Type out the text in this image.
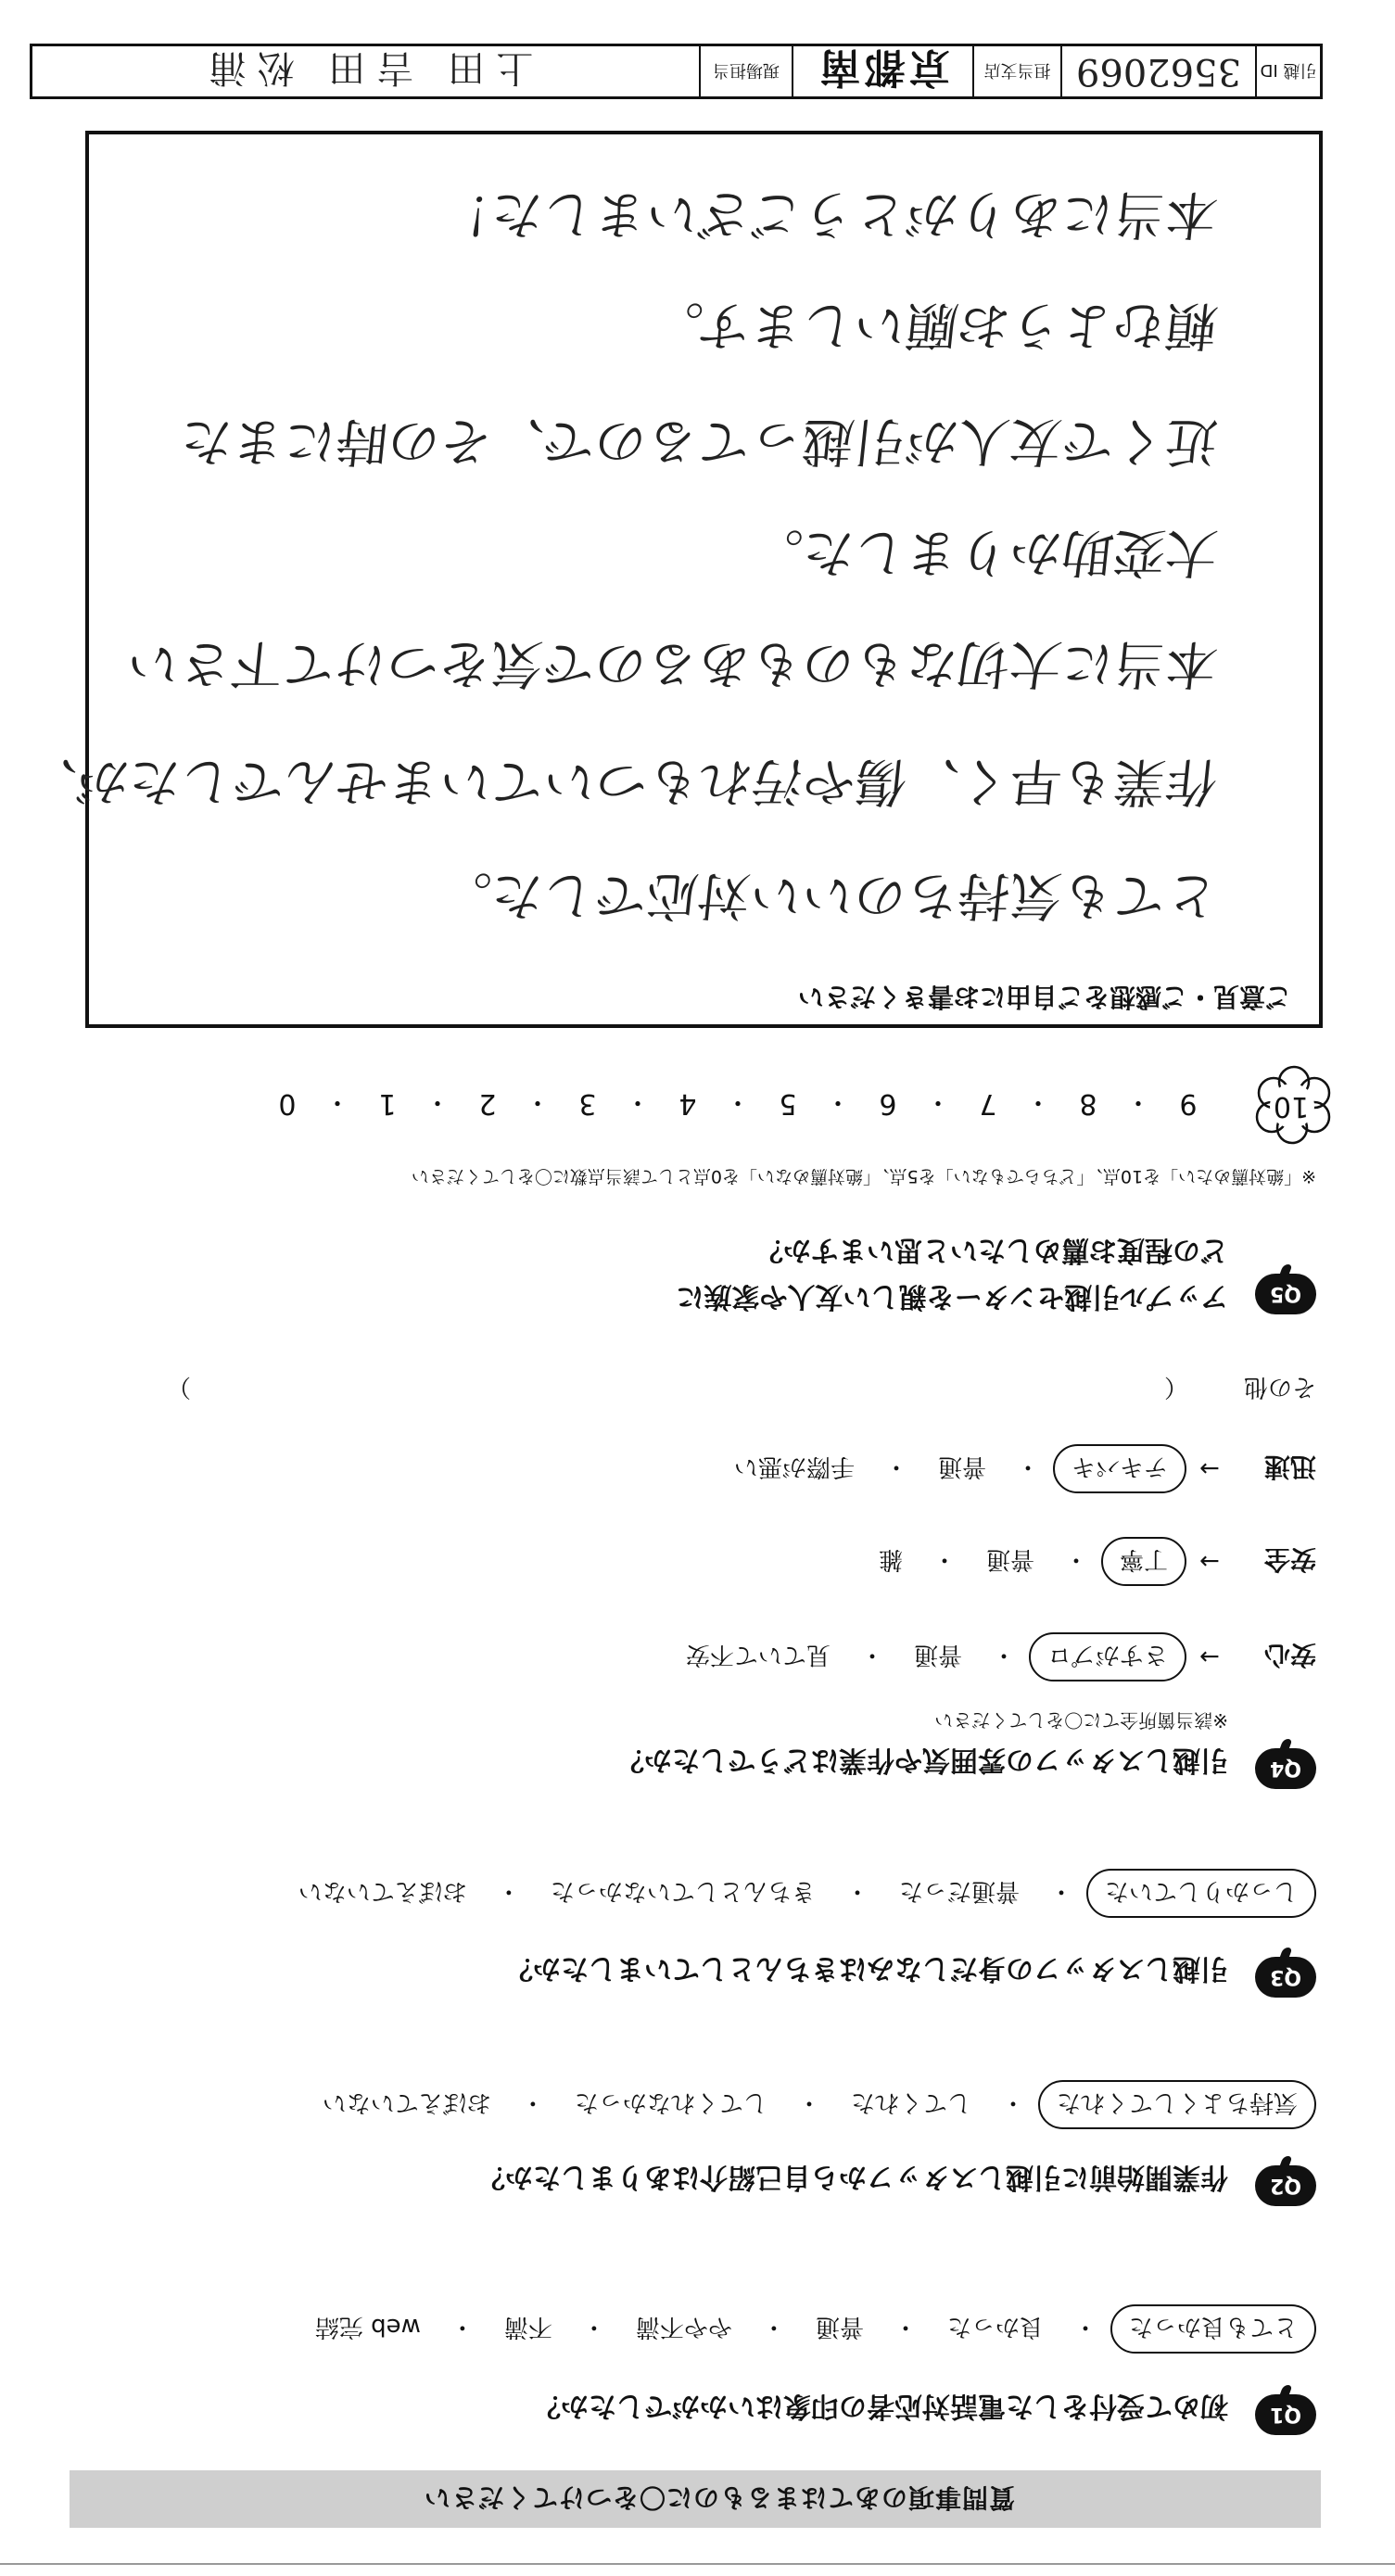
質問事項のあてはまるものに〇をつけてください
Q1
初めて受付をした電話対応者の印象はいかがでしたか？
とても良かった
・
良かった
・
普通
・
やや不満
・
不満
・
web 完結
Q2
作業開始前に引越しスタッフから自己紹介はありましたか？
気持ちよくしてくれた
・
してくれた
・
してくれなかった
・
おぼえていない
Q3
引越しスタッフの身だしなみはきちんとしていましたか？
しっかりしていた
・
普通だった
・
きちんとしていなかった
・
おぼえていない
Q4
引越しスタッフの雰囲気や作業はどうでしたか？
※該当箇所全てに〇をしてください
安心
→
さすがプロ
・
普通
・
見ていて不安
安全
→
丁寧
・
普通
・
雑
迅速
→
テキパキ
・
普通
・
手際が悪い
その他
（
）
Q5
アップル引越センターを親しい友人や家族に
どの程度お薦めしたいと思いますか？
※「絶対薦めたい」を10点、「どちらでもない」を5点、「絶対薦めない」を0点として該当点数に〇をしてください
10
9
・
8
・
7
・
6
・
5
・
4
・
3
・
2
・
1
・
0
ご意見・ご感想をご自由にお書きください
とても気持ちのいい対応でした。
作業も早く、傷や汚れもついていませんでしたが、
本当に大切なものもあるので気をつけて下さい
大変助かりました。
近くで友人が引越ってるので、その時にまた
頼むようお願いします。
本当にありがとうございました！
引越 ID
3562069
担当支店
京都南
現場担当
上田 吉田 松浦
